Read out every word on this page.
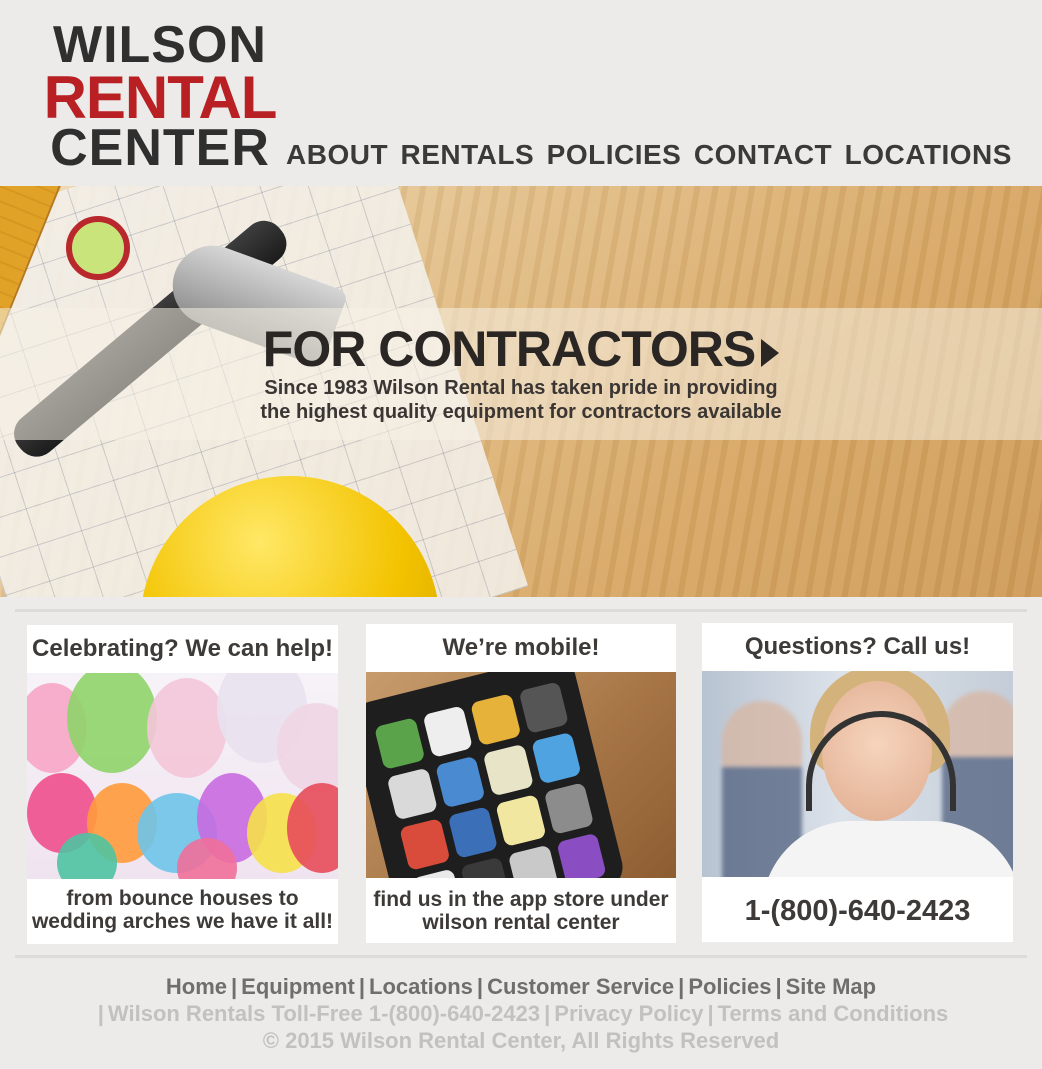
WILSON
RENTAL
CENTER ABOUT RENTALS POLICIES CONTACT LOCATIONS
FOR CONTRACTORS
Since 1983 Wilson Rental has taken pride in providing
the highest quality equipment for contractors available
Celebrating? We can help!
from bounce houses to
wedding arches we have it all!
We’re mobile!
find us in the app store under
wilson rental center
Questions? Call us!
1-(800)-640-2423
Home | Equipment | Locations | Customer Service | Policies | Site Map
| Wilson Rentals Toll-Free 1-(800)-640-2423 | Privacy Policy | Terms and Conditions
© 2015 Wilson Rental Center, All Rights Reserved
